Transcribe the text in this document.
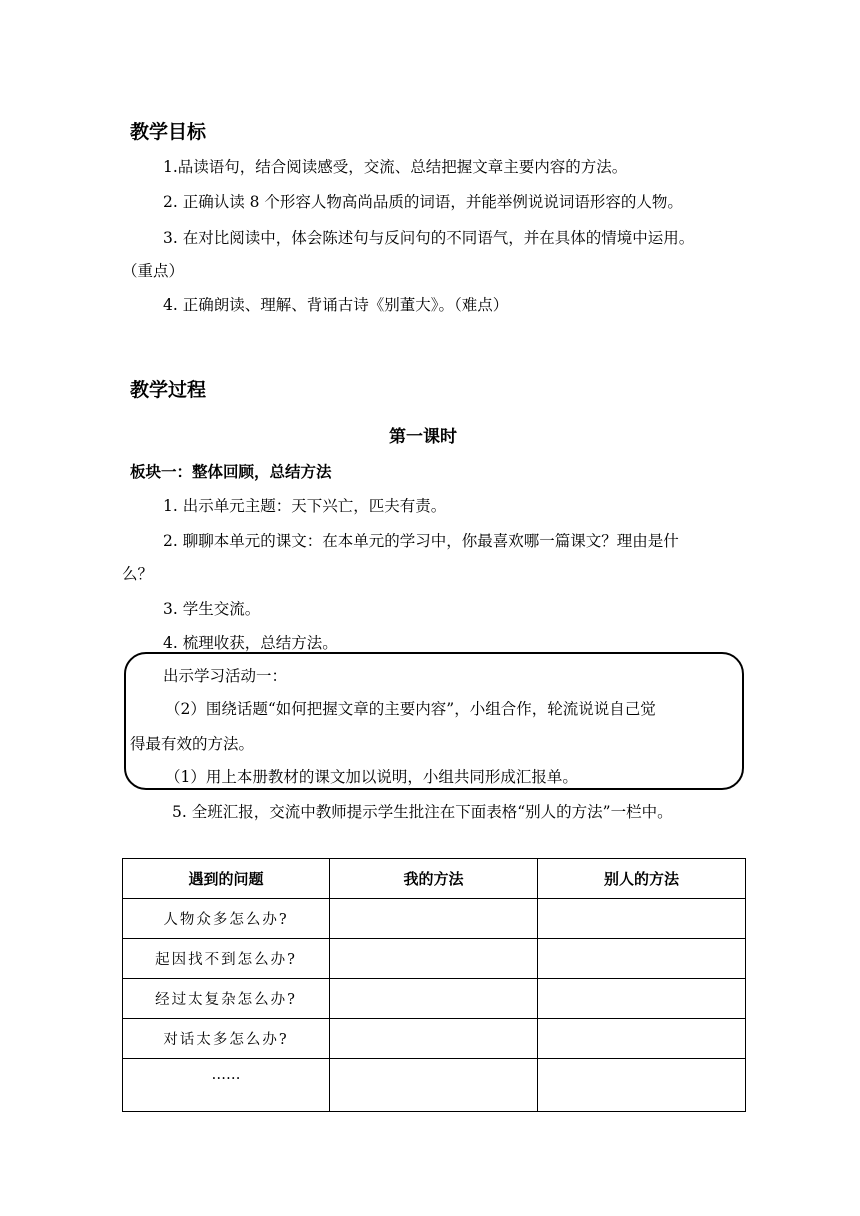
教学目标
1.品读语句，结合阅读感受，交流、总结把握文章主要内容的方法。
2. 正确认读 8 个形容人物高尚品质的词语，并能举例说说词语形容的人物。
3. 在对比阅读中，体会陈述句与反问句的不同语气，并在具体的情境中运用。
（重点）
4. 正确朗读、理解、背诵古诗《别董大》。（难点）
教学过程
第一课时
板块一：整体回顾，总结方法
1. 出示单元主题：天下兴亡，匹夫有责。
2. 聊聊本单元的课文：在本单元的学习中，你最喜欢哪一篇课文？理由是什
么？
3. 学生交流。
4. 梳理收获，总结方法。
出示学习活动一：
（2）围绕话题“如何把握文章的主要内容”，小组合作，轮流说说自己觉
得最有效的方法。
（1）用上本册教材的课文加以说明，小组共同形成汇报单。
5. 全班汇报，交流中教师提示学生批注在下面表格“别人的方法”一栏中。
遇到的问题	我的方法	别人的方法
人物众多怎么办?		
起因找不到怎么办?		
经过太复杂怎么办?		
对话太多怎么办?		
……		
